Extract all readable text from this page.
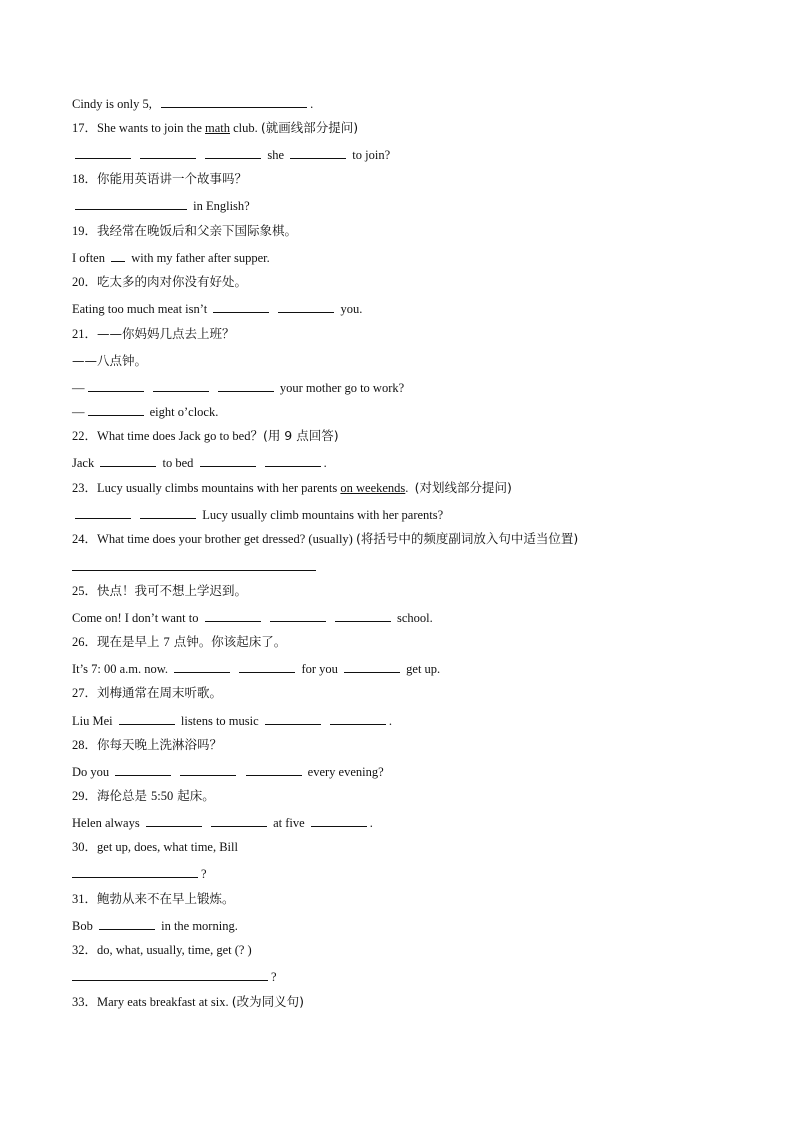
Cindy is only 5,	.
17．She wants to join the math club. (就画线部分提问)
she	to join?
18．你能用英语讲一个故事吗？
in English?
19．我经常在晚饭后和父亲下国际象棋。
I often with my father after supper.
20．吃太多的肉对你没有好处。
Eating too much meat isn’t	you.
21．——你妈妈几点去上班？
——八点钟。
—	your mother go to work?
—	eight o’clock.
22．What time does Jack go to bed？(用 9 点回答)
Jack	to bed	.
23．Lucy usually climbs mountains with her parents on weekends.  (对划线部分提问)
Lucy usually climb mountains with her parents?
24．What time does your brother get dressed? (usually) (将括号中的频度副词放入句中适当位置)
25．快点！我可不想上学迟到。
Come on! I don’t want to	school.
26．现在是早上 7 点钟。你该起床了。
It’s 7: 00 a.m. now.	for you	get up.
27．刘梅通常在周末听歌。
Liu Mei	listens to music	.
28．你每天晚上洗淋浴吗？
Do you	every evening?
29．海伦总是 5:50 起床。
Helen always	at five	.
30．get up, does, what time, Bill
?
31．鲍勃从来不在早上锻炼。
Bob	in the morning.
32．do, what, usually, time, get (? )
?
33．Mary eats breakfast at six. (改为同义句)
